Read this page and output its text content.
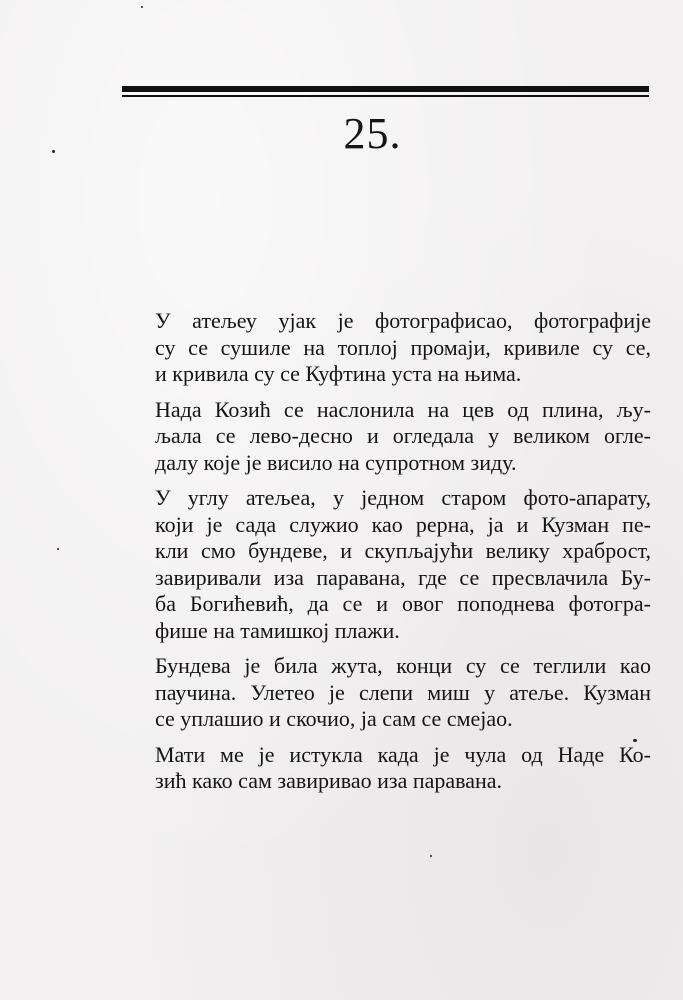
25.

У атељеу ујак је фотографисао, фотографије
су се сушиле на топлој промаји, кривиле су се,
и кривила су се Куфтина уста на њима.

Нада Козић се наслонила на цев од плина, љу-
љала се лево-десно и огледала у великом огле-
далу које је висило на супротном зиду.

У углу атељеа, у једном старом фото-апарату,
који је сада служио као рерна, ја и Кузман пе-
кли смо бундеве, и скупљајући велику храброст,
завиривали иза паравана, где се пресвлачила Бу-
ба Богићевић, да се и овог поподнева фотогра-
фише на тамишкој плажи.

Бундева је била жута, конци су се теглили као
паучина. Улетео је слепи миш у атеље. Кузман
се уплашио и скочио, ја сам се смејао.

Мати ме је истукла када је чула од Наде Ко-
зић како сам завиривао иза паравана.
